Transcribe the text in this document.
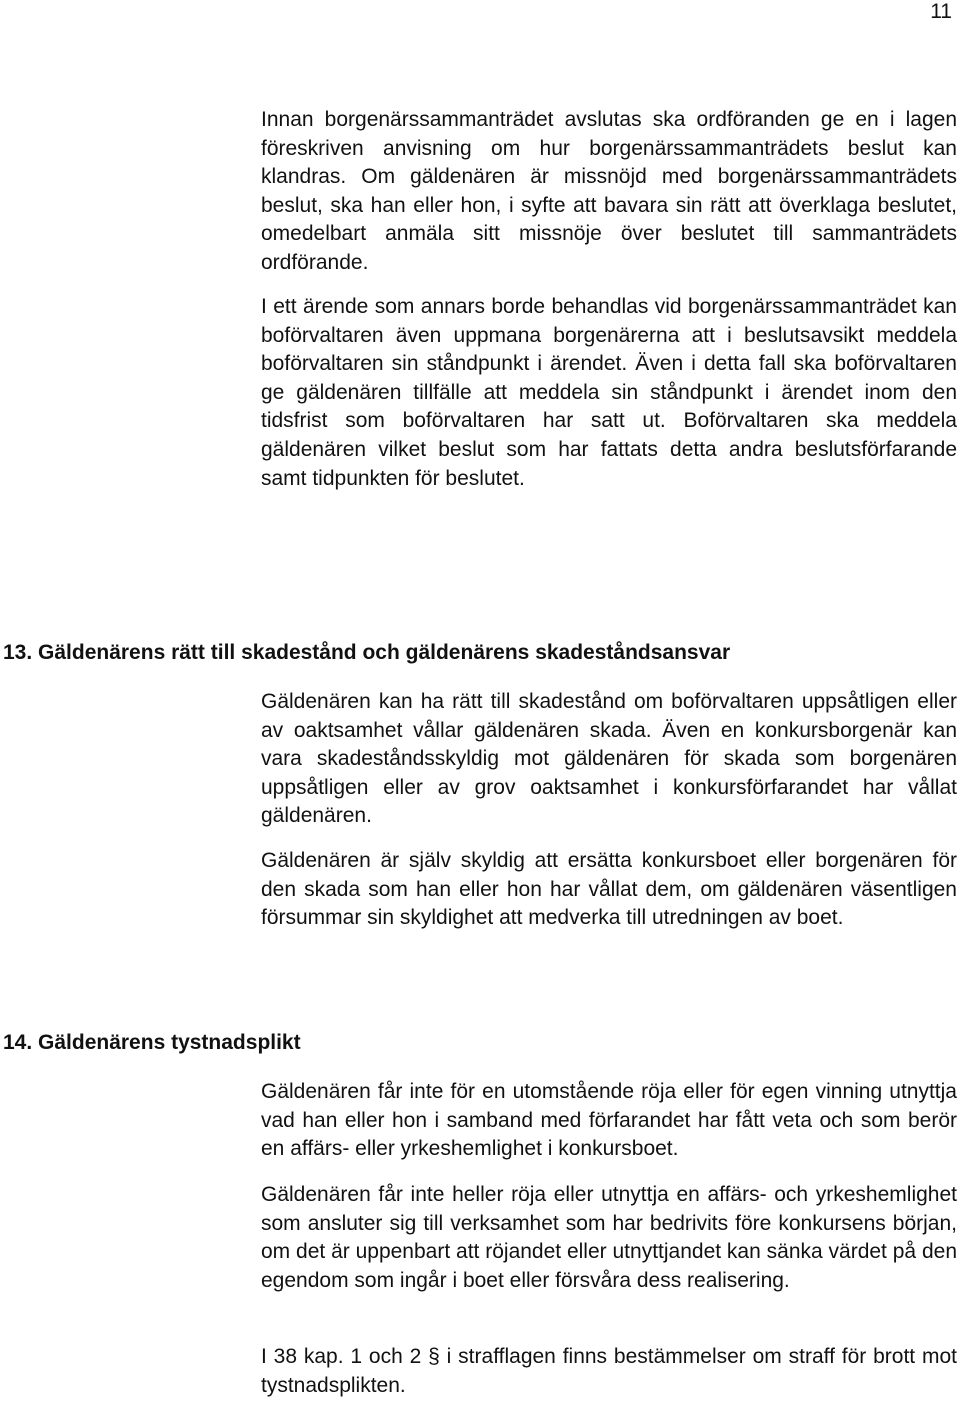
11

Innan borgenärssammanträdet avslutas ska ordföranden ge en i lagen föreskriven anvisning om hur borgenärssammanträdets beslut kan klandras. Om gäldenären är missnöjd med borgenärssammanträdets beslut, ska han eller hon, i syfte att bavara sin rätt att överklaga beslutet, omedelbart anmäla sitt missnöje över beslutet till sammanträdets ordförande.

I ett ärende som annars borde behandlas vid borgenärssammanträdet kan boförvaltaren även uppmana borgenärerna att i beslutsavsikt meddela boförvaltaren sin ståndpunkt i ärendet. Även i detta fall ska boförvaltaren ge gäldenären tillfälle att meddela sin ståndpunkt i ärendet inom den tidsfrist som boförvaltaren har satt ut. Boförvaltaren ska meddela gäldenären vilket beslut som har fattats detta andra beslutsförfarande samt tidpunkten för beslutet.

13. Gäldenärens rätt till skadestånd och gäldenärens skadeståndsansvar

Gäldenären kan ha rätt till skadestånd om boförvaltaren uppsåtligen eller av oaktsamhet vållar gäldenären skada. Även en konkursborgenär kan vara skadeståndsskyldig mot gäldenären för skada som borgenären uppsåtligen eller av grov oaktsamhet i konkursförfarandet har vållat gäldenären.

Gäldenären är själv skyldig att ersätta konkursboet eller borgenären för den skada som han eller hon har vållat dem, om gäldenären väsentligen försummar sin skyldighet att medverka till utredningen av boet.

14. Gäldenärens tystnadsplikt

Gäldenären får inte för en utomstående röja eller för egen vinning utnyttja vad han eller hon i samband med förfarandet har fått veta och som berör en affärs- eller yrkeshemlighet i konkursboet.

Gäldenären får inte heller röja eller utnyttja en affärs- och yrkeshemlighet som ansluter sig till verksamhet som har bedrivits före konkursens början, om det är uppenbart att röjandet eller utnyttjandet kan sänka värdet på den egendom som ingår i boet eller försvåra dess realisering.

I 38 kap. 1 och 2 § i strafflagen finns bestämmelser om straff för brott mot tystnadsplikten.
